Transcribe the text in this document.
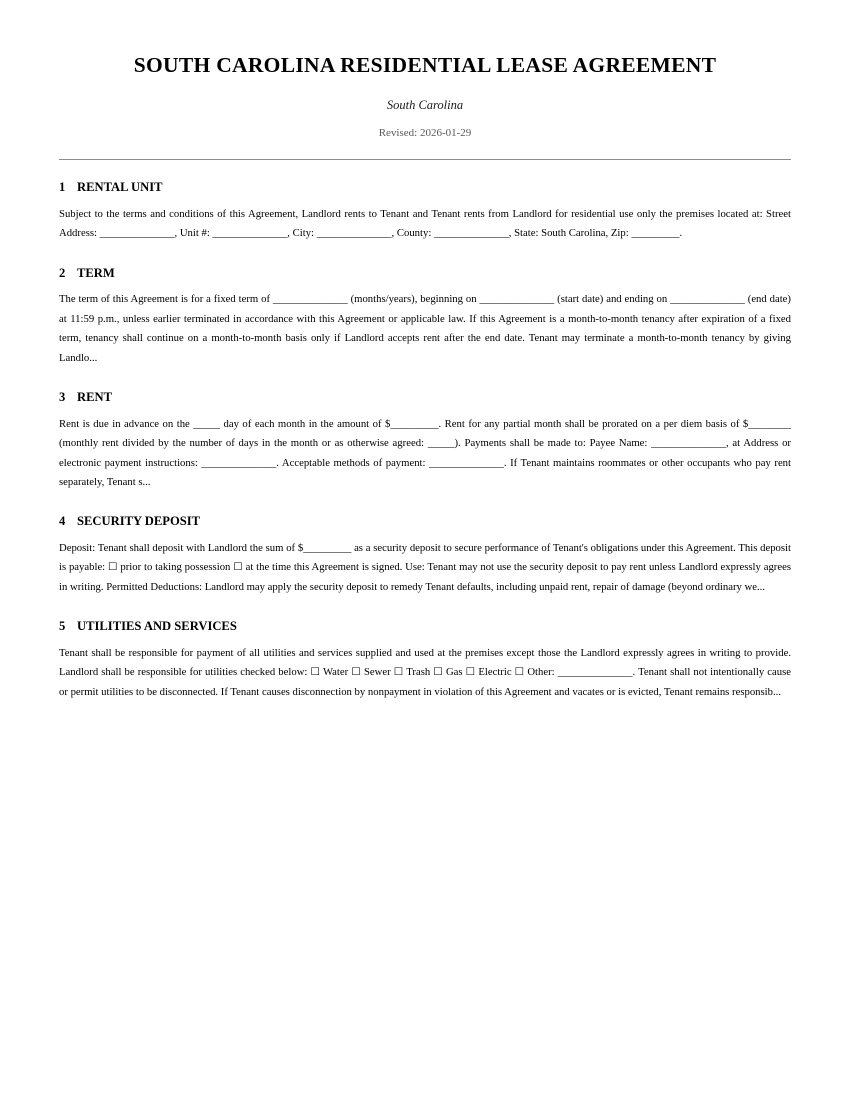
SOUTH CAROLINA RESIDENTIAL LEASE AGREEMENT

South Carolina

Revised: 2026-01-29

1 RENTAL UNIT

Subject to the terms and conditions of this Agreement, Landlord rents to Tenant and Tenant rents from Landlord for residential use only the premises located at: Street Address: ______________, Unit #: ______________, City: ______________, County: ______________, State: South Carolina, Zip: _________.

2 TERM

The term of this Agreement is for a fixed term of ______________ (months/years), beginning on ______________ (start date) and ending on ______________ (end date) at 11:59 p.m., unless earlier terminated in accordance with this Agreement or applicable law. If this Agreement is a month-to-month tenancy after expiration of a fixed term, tenancy shall continue on a month-to-month basis only if Landlord accepts rent after the end date. Tenant may terminate a month-to-month tenancy by giving Landlo...

3 RENT

Rent is due in advance on the _____ day of each month in the amount of $_________. Rent for any partial month shall be prorated on a per diem basis of $________ (monthly rent divided by the number of days in the month or as otherwise agreed: _____). Payments shall be made to: Payee Name: ______________, at Address or electronic payment instructions: ______________. Acceptable methods of payment: ______________. If Tenant maintains roommates or other occupants who pay rent separately, Tenant s...

4 SECURITY DEPOSIT

Deposit: Tenant shall deposit with Landlord the sum of $_________ as a security deposit to secure performance of Tenant's obligations under this Agreement. This deposit is payable: ☐ prior to taking possession ☐ at the time this Agreement is signed. Use: Tenant may not use the security deposit to pay rent unless Landlord expressly agrees in writing. Permitted Deductions: Landlord may apply the security deposit to remedy Tenant defaults, including unpaid rent, repair of damage (beyond ordinary we...

5 UTILITIES AND SERVICES

Tenant shall be responsible for payment of all utilities and services supplied and used at the premises except those the Landlord expressly agrees in writing to provide. Landlord shall be responsible for utilities checked below: ☐ Water ☐ Sewer ☐ Trash ☐ Gas ☐ Electric ☐ Other: ______________. Tenant shall not intentionally cause or permit utilities to be disconnected. If Tenant causes disconnection by nonpayment in violation of this Agreement and vacates or is evicted, Tenant remains responsib...
